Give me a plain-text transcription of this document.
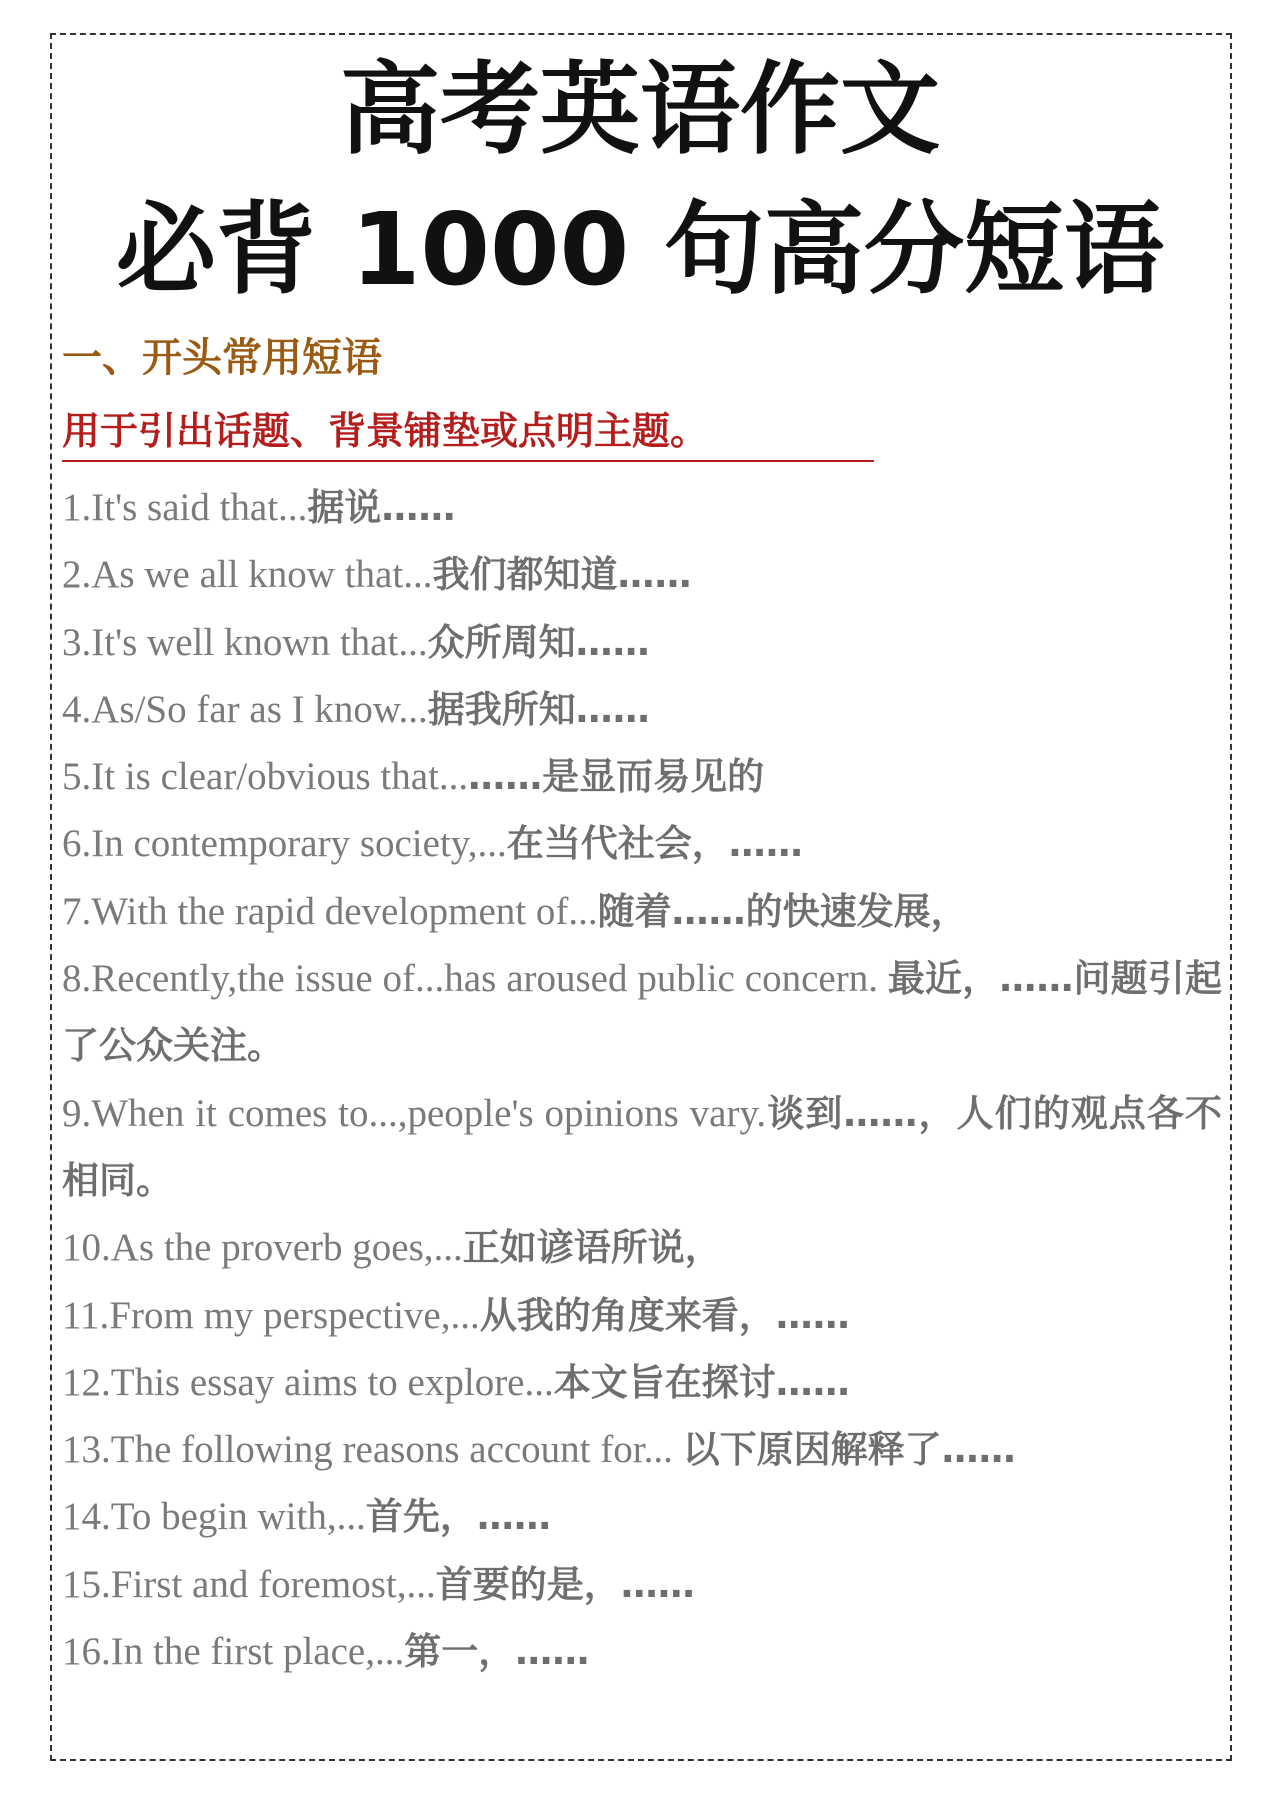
高考英语作文
必背 1000 句高分短语
一、开头常用短语

用于引出话题、背景铺垫或点明主题。

1.It's said that...据说……
2.As we all know that...我们都知道……
3.It's well known that...众所周知……
4.As/So far as I know...据我所知……
5.It is clear/obvious that...……是显而易见的
6.In contemporary society,...在当代社会，……
7.With the rapid development of...随着……的快速发展，
8.Recently,the issue of...has aroused public concern. 最近，……问题引起了公众关注。
9.When it comes to...,people's opinions vary.谈到……，人们的观点各不相同。
10.As the proverb goes,...正如谚语所说，
11.From my perspective,...从我的角度来看，……
12.This essay aims to explore...本文旨在探讨……
13.The following reasons account for... 以下原因解释了……
14.To begin with,...首先，……
15.First and foremost,...首要的是，……
16.In the first place,...第一，……
